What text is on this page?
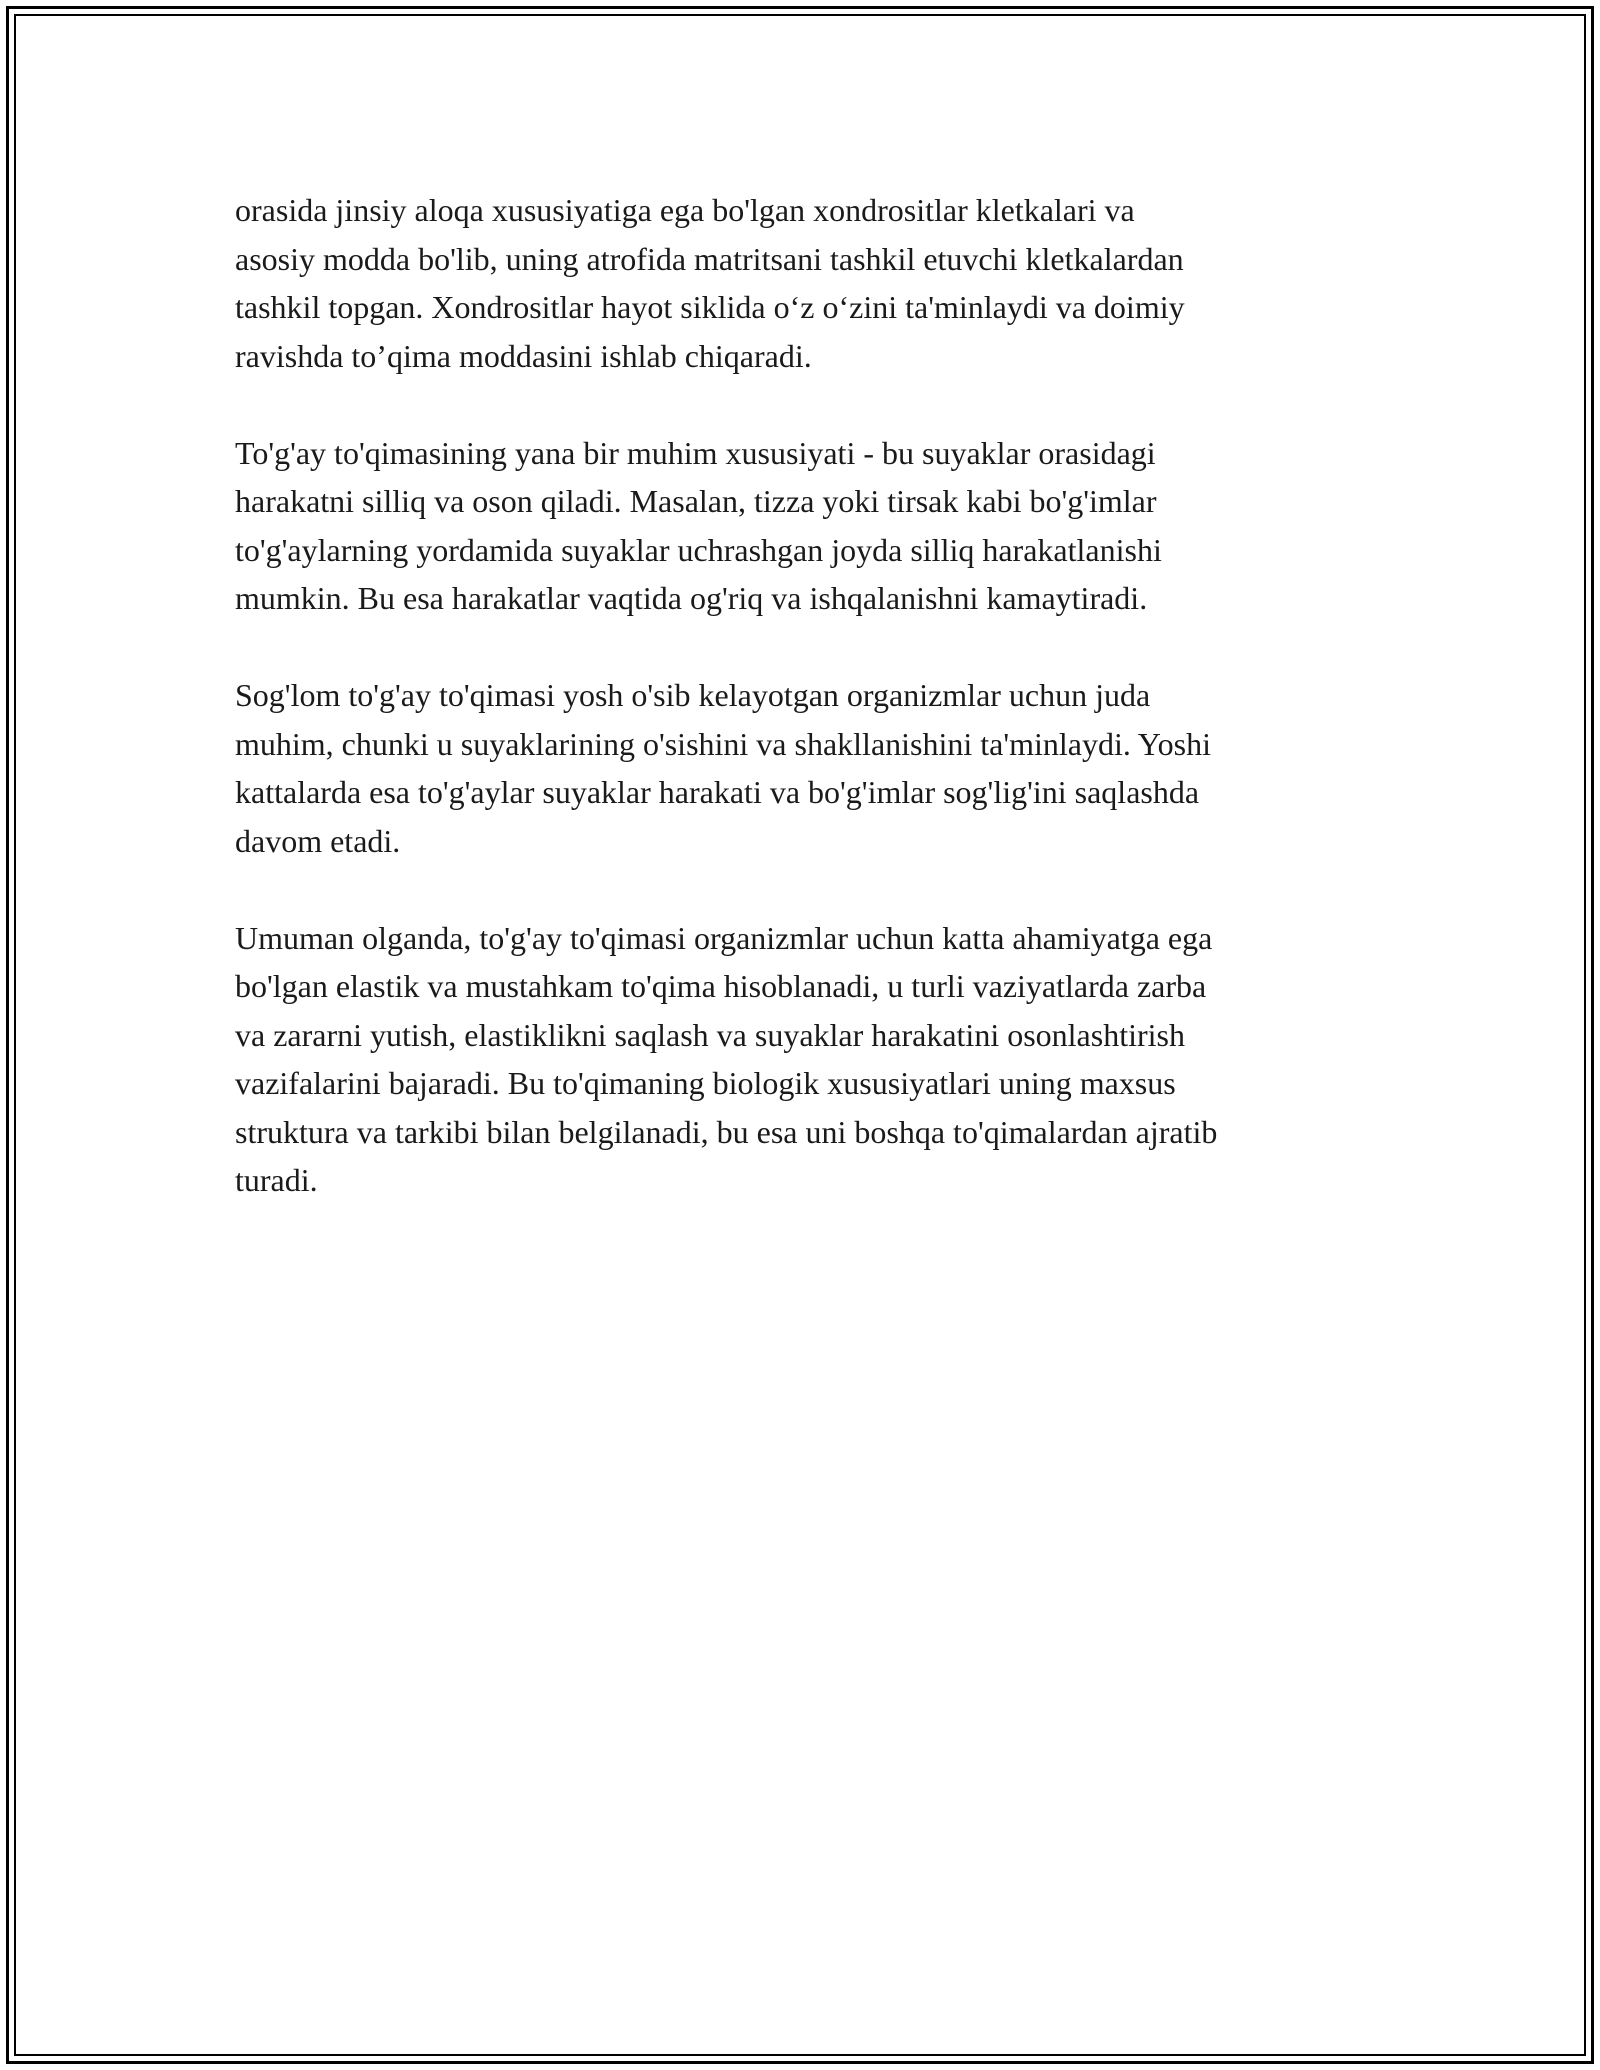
orasida jinsiy aloqa xususiyatiga ega bo'lgan xondrositlar kletkalari va
asosiy modda bo'lib, uning atrofida matritsani tashkil etuvchi kletkalardan
tashkil topgan. Xondrositlar hayot siklida o‘z o‘zini ta'minlaydi va doimiy
ravishda to’qima moddasini ishlab chiqaradi.

To'g'ay to'qimasining yana bir muhim xususiyati - bu suyaklar orasidagi
harakatni silliq va oson qiladi. Masalan, tizza yoki tirsak kabi bo'g'imlar
to'g'aylarning yordamida suyaklar uchrashgan joyda silliq harakatlanishi
mumkin. Bu esa harakatlar vaqtida og'riq va ishqalanishni kamaytiradi.

Sog'lom to'g'ay to'qimasi yosh o'sib kelayotgan organizmlar uchun juda
muhim, chunki u suyaklarining o'sishini va shakllanishini ta'minlaydi. Yoshi
kattalarda esa to'g'aylar suyaklar harakati va bo'g'imlar sog'lig'ini saqlashda
davom etadi.

Umuman olganda, to'g'ay to'qimasi organizmlar uchun katta ahamiyatga ega
bo'lgan elastik va mustahkam to'qima hisoblanadi, u turli vaziyatlarda zarba
va zararni yutish, elastiklikni saqlash va suyaklar harakatini osonlashtirish
vazifalarini bajaradi. Bu to'qimaning biologik xususiyatlari uning maxsus
struktura va tarkibi bilan belgilanadi, bu esa uni boshqa to'qimalardan ajratib
turadi.
